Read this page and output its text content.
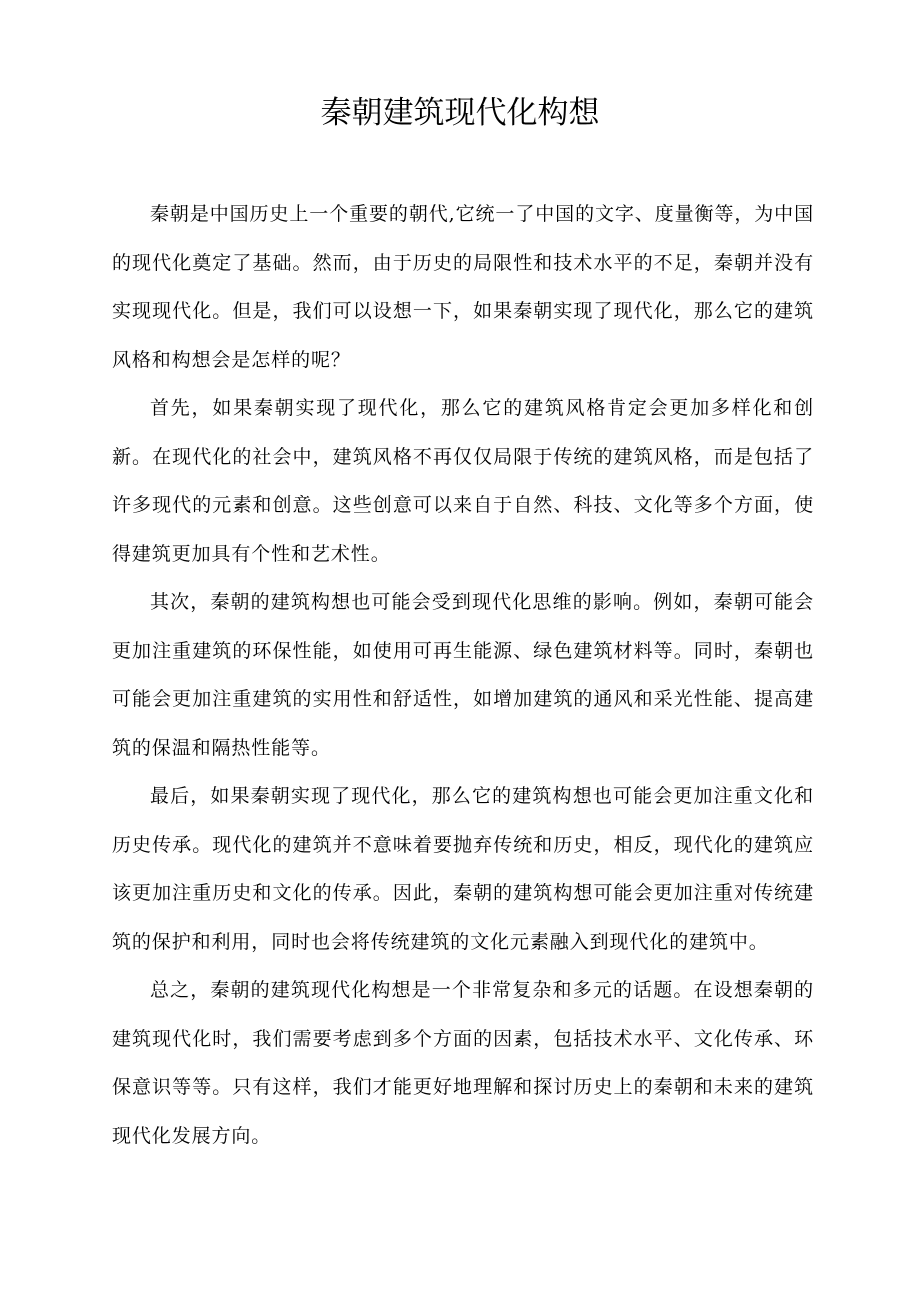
秦朝建筑现代化构想

秦朝是中国历史上一个重要的朝代,它统一了中国的文字、度量衡等，为中国的现代化奠定了基础。然而，由于历史的局限性和技术水平的不足，秦朝并没有实现现代化。但是，我们可以设想一下，如果秦朝实现了现代化，那么它的建筑风格和构想会是怎样的呢？

首先，如果秦朝实现了现代化，那么它的建筑风格肯定会更加多样化和创新。在现代化的社会中，建筑风格不再仅仅局限于传统的建筑风格，而是包括了许多现代的元素和创意。这些创意可以来自于自然、科技、文化等多个方面，使得建筑更加具有个性和艺术性。

其次，秦朝的建筑构想也可能会受到现代化思维的影响。例如，秦朝可能会更加注重建筑的环保性能，如使用可再生能源、绿色建筑材料等。同时，秦朝也可能会更加注重建筑的实用性和舒适性，如增加建筑的通风和采光性能、提高建筑的保温和隔热性能等。

最后，如果秦朝实现了现代化，那么它的建筑构想也可能会更加注重文化和历史传承。现代化的建筑并不意味着要抛弃传统和历史，相反，现代化的建筑应该更加注重历史和文化的传承。因此，秦朝的建筑构想可能会更加注重对传统建筑的保护和利用，同时也会将传统建筑的文化元素融入到现代化的建筑中。

总之，秦朝的建筑现代化构想是一个非常复杂和多元的话题。在设想秦朝的建筑现代化时，我们需要考虑到多个方面的因素，包括技术水平、文化传承、环保意识等等。只有这样，我们才能更好地理解和探讨历史上的秦朝和未来的建筑现代化发展方向。
